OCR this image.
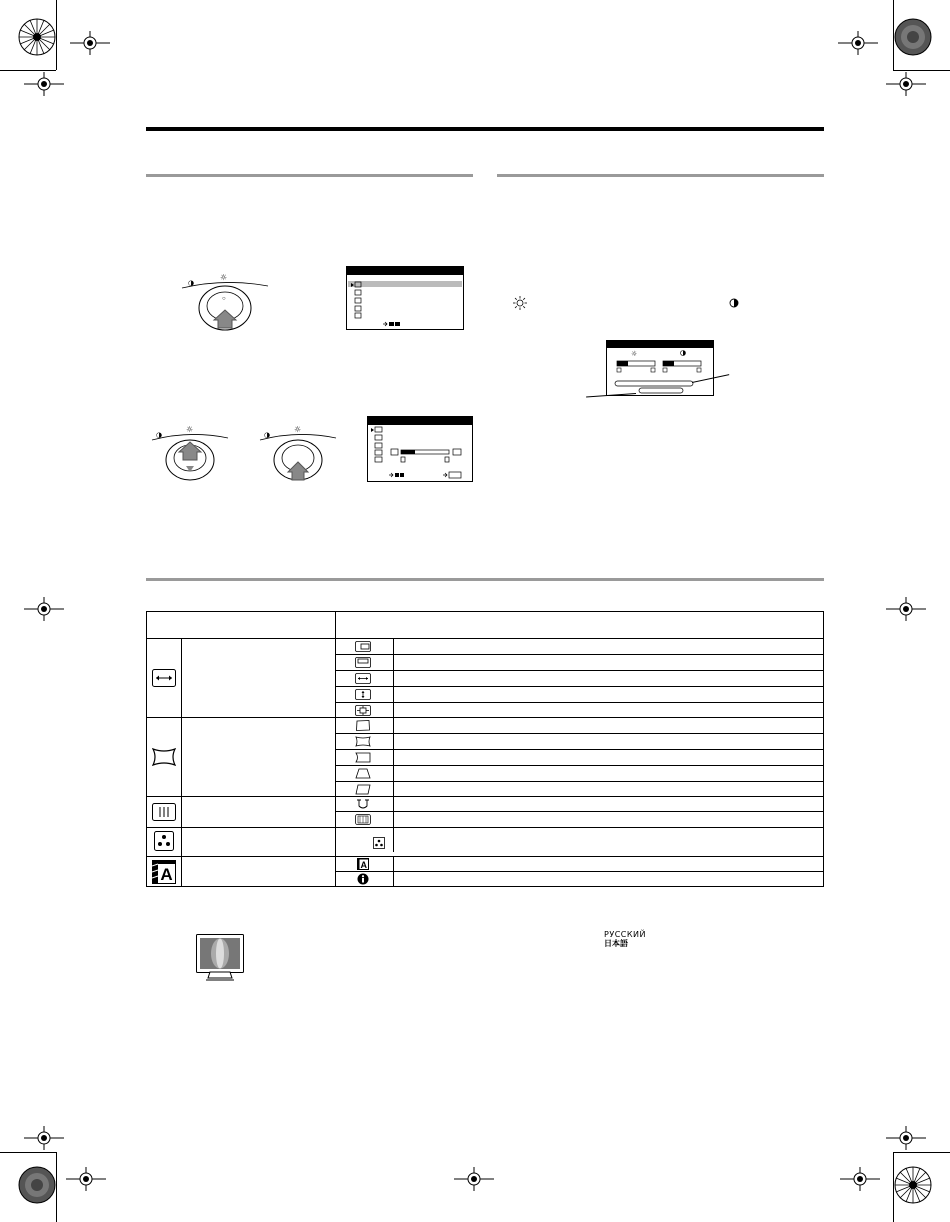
◑
☼
○
◑
☼
◑
☼
☼
A
A
РУССКИЙ
日本語
